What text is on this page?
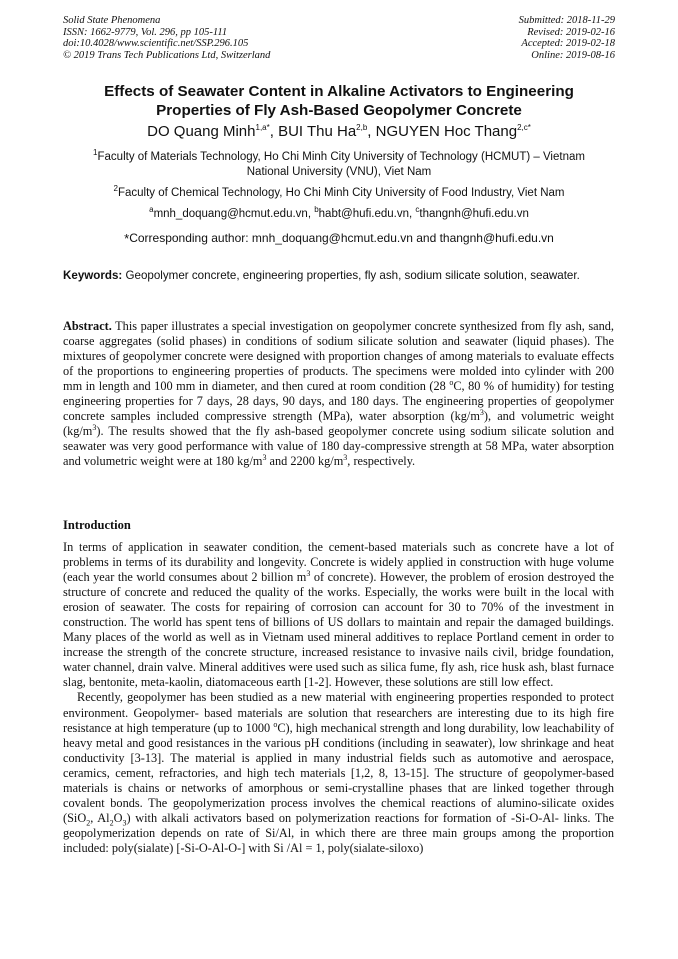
Solid State Phenomena
ISSN: 1662-9779, Vol. 296, pp 105-111
doi:10.4028/www.scientific.net/SSP.296.105
© 2019 Trans Tech Publications Ltd, Switzerland
Submitted: 2018-11-29
Revised: 2019-02-16
Accepted: 2019-02-18
Online: 2019-08-16
Effects of Seawater Content in Alkaline Activators to Engineering
Properties of Fly Ash-Based Geopolymer Concrete
DO Quang Minh$^{1,a*}$, BUI Thu Ha$^{2,b}$, NGUYEN Hoc Thang$^{2,c*}$
$^1$Faculty of Materials Technology, Ho Chi Minh City University of Technology (HCMUT) – Vietnam
National University (VNU), Viet Nam
$^2$Faculty of Chemical Technology, Ho Chi Minh City University of Food Industry, Viet Nam
$^a$mnh_doquang@hcmut.edu.vn, $^b$habt@hufi.edu.vn, $^c$thangnh@hufi.edu.vn
*Corresponding author: mnh_doquang@hcmut.edu.vn and thangnh@hufi.edu.vn
Keywords: Geopolymer concrete, engineering properties, fly ash, sodium silicate solution, seawater.

Abstract. This paper illustrates a special investigation on geopolymer concrete synthesized from fly ash, sand, coarse aggregates (solid phases) in conditions of sodium silicate solution and seawater (liquid phases). The mixtures of geopolymer concrete were designed with proportion changes of among materials to evaluate effects of the proportions to engineering properties of products. The specimens were molded into cylinder with 200 mm in length and 100 mm in diameter, and then cured at room condition (28 $^o$C, 80 % of humidity) for testing engineering properties for 7 days, 28 days, 90 days, and 180 days. The engineering properties of geopolymer concrete samples included compressive strength (MPa), water absorption $(kg/m^3)$, and volumetric weight $(kg/m^3)$. The results showed that the fly ash-based geopolymer concrete using sodium silicate solution and seawater was very good performance with value of 180 day-compressive strength at 58 MPa, water absorption and volumetric weight were at 180 $kg/m^3$ and 2200 $kg/m^3$, respectively.

Introduction

In terms of application in seawater condition, the cement-based materials such as concrete have a lot of problems in terms of its durability and longevity. Concrete is widely applied in construction with huge volume (each year the world consumes about 2 billion $m^3$ of concrete). However, the problem of erosion destroyed the structure of concrete and reduced the quality of the works. Especially, the works were built in the local with erosion of seawater. The costs for repairing of corrosion can account for 30 to 70% of the investment in construction. The world has spent tens of billions of US dollars to maintain and repair the damaged buildings. Many places of the world as well as in Vietnam used mineral additives to replace Portland cement in order to increase the strength of the concrete structure, increased resistance to invasive nails civil, bridge foundation, water channel, drain valve. Mineral additives were used such as silica fume, fly ash, rice husk ash, blast furnace slag, bentonite, meta-kaolin, diatomaceous earth [1-2]. However, these solutions are still low effect.

Recently, geopolymer has been studied as a new material with engineering properties responded to protect environment. Geopolymer- based materials are solution that researchers are interesting due to its high fire resistance at high temperature (up to 1000 $^o$C), high mechanical strength and long durability, low leachability of heavy metal and good resistances in the various pH conditions (including in seawater), low shrinkage and heat conductivity [3-13]. The material is applied in many industrial fields such as automotive and aerospace, ceramics, cement, refractories, and high tech materials [1,2, 8, 13-15]. The structure of geopolymer-based materials is chains or networks of amorphous or semi-crystalline phases that are linked together through covalent bonds. The geopolymerization process involves the chemical reactions of alumino-silicate oxides (SiO$_2$, $Al_2O_3$) with alkali activators based on polymerization reactions for formation of -Si-O-Al- links. The geopolymerization depends on rate of Si/Al, in which there are three main groups among the proportion included: poly(sialate) [-Si-O-Al-O-] with Si /Al = 1, poly(sialate-siloxo)
